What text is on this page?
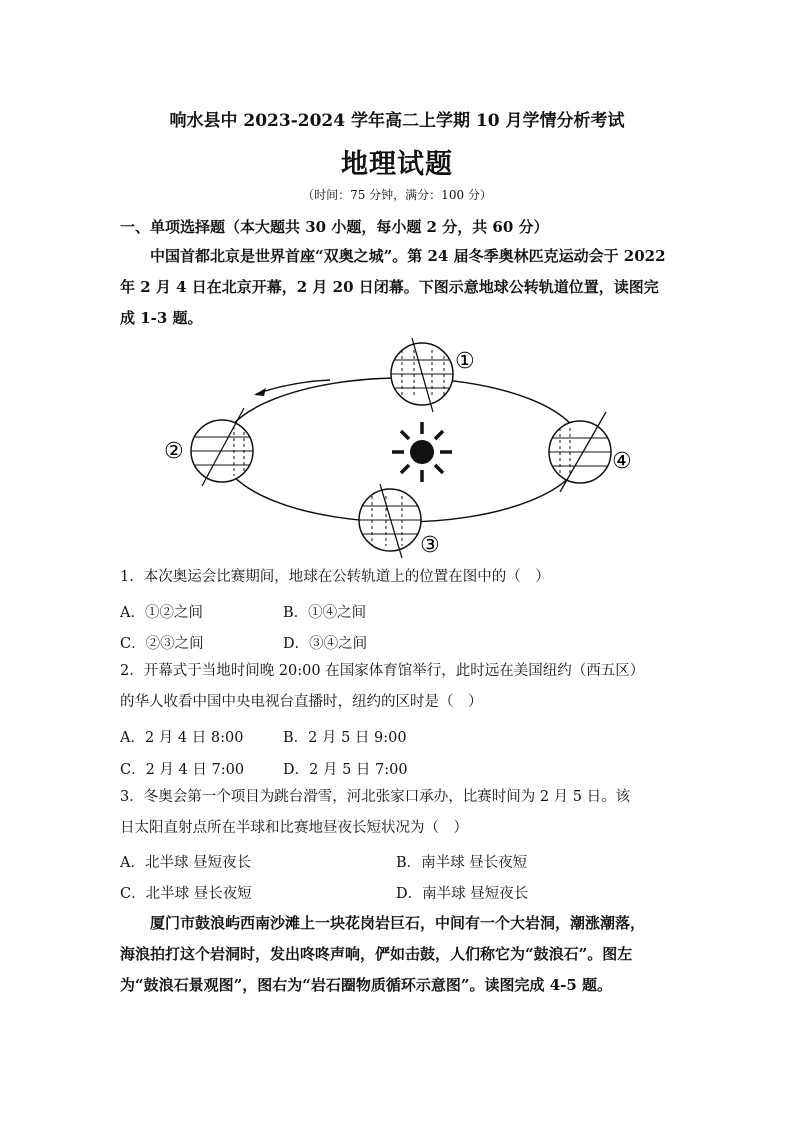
响水县中 2023-2024 学年高二上学期 10 月学情分析考试
地理试题
（时间：75 分钟，满分：100 分）
一、单项选择题（本大题共 30 小题，每小题 2 分，共 60 分）
中国首都北京是世界首座“双奥之城”。第 24 届冬季奥林匹克运动会于 2022
年 2 月 4 日在北京开幕，2 月 20 日闭幕。下图示意地球公转轨道位置，读图完
成 1-3 题。
①
②
③
④
1．本次奥运会比赛期间，地球在公转轨道上的位置在图中的（　）
A．①②之间	B．①④之间
C．②③之间	D．③④之间
2．开幕式于当地时间晚 20:00 在国家体育馆举行，此时远在美国纽约（西五区）
的华人收看中国中央电视台直播时，纽约的区时是（　）
A．2 月 4 日 8:00	B．2 月 5 日 9:00
C．2 月 4 日 7:00	D．2 月 5 日 7:00
3．冬奥会第一个项目为跳台滑雪，河北张家口承办，比赛时间为 2 月 5 日。该
日太阳直射点所在半球和比赛地昼夜长短状况为（　）
A．北半球 昼短夜长	B．南半球 昼长夜短
C．北半球 昼长夜短	D．南半球 昼短夜长
厦门市鼓浪屿西南沙滩上一块花岗岩巨石，中间有一个大岩洞，潮涨潮落，
海浪拍打这个岩洞时，发出咚咚声响，俨如击鼓，人们称它为“鼓浪石”。图左
为“鼓浪石景观图”，图右为“岩石圈物质循环示意图”。读图完成 4-5 题。
